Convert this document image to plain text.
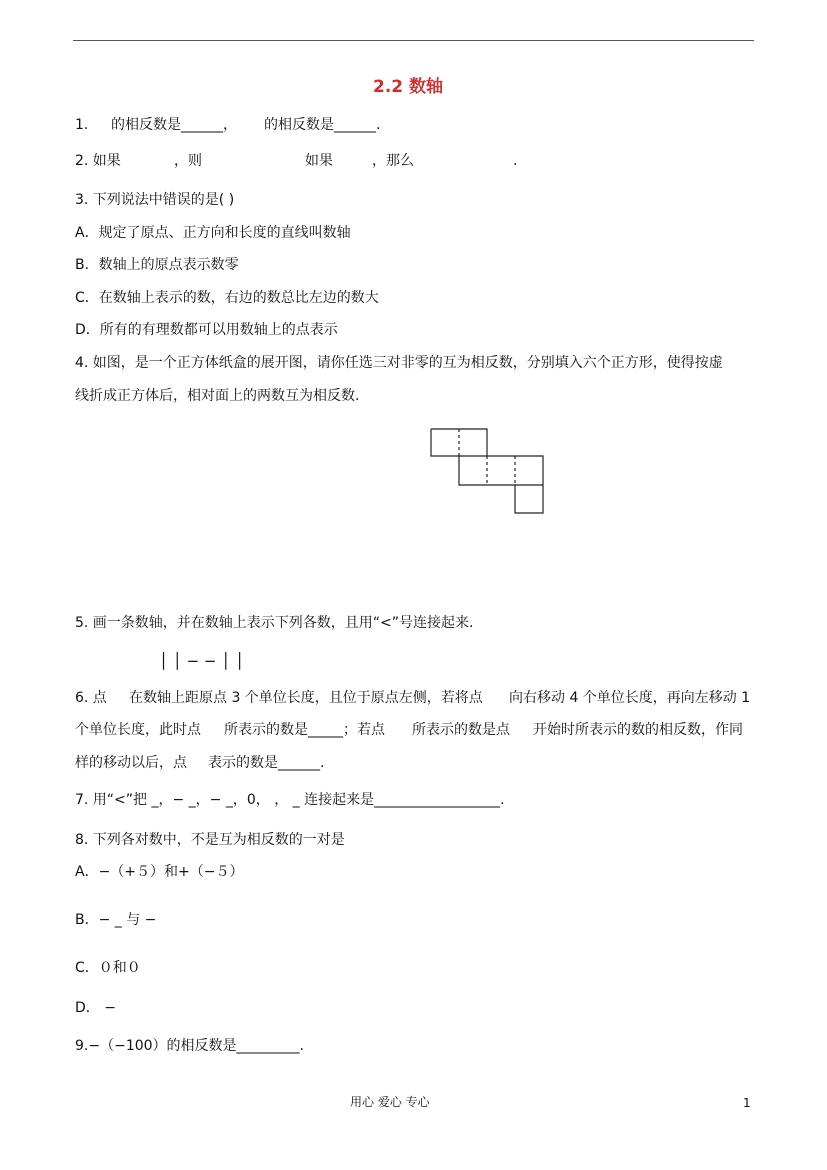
2.2 数轴
1. 的相反数是______， 的相反数是______.
2. 如果	，则	如果	，那么	.
3. 下列说法中错误的是( )
A．规定了原点、正方向和长度的直线叫数轴
B．数轴上的原点表示数零
C．在数轴上表示的数，右边的数总比左边的数大
D．所有的有理数都可以用数轴上的点表示
4. 如图，是一个正方体纸盒的展开图，请你任选三对非零的互为相反数，分别填入六个正方形，使得按虚
线折成正方体后，相对面上的两数互为相反数.
5. 画一条数轴，并在数轴上表示下列各数，且用“<”号连接起来.
│ │ − − │ │
6. 点 在数轴上距原点 3 个单位长度，且位于原点左侧，若将点 向右移动 4 个单位长度，再向左移动 1
个单位长度，此时点 所表示的数是_____；若点 所表示的数是点 开始时所表示的数的相反数，作同
样的移动以后，点 表示的数是______.
7. 用“<”把 _，− _，− _，0， ， _ 连接起来是__________________.
8. 下列各对数中，不是互为相反数的一对是
A．−（+５）和+（−５）
B．− _ 与 −
C．０和０
D． −
9.−（−100）的相反数是_________.
用心 爱心 专心	1
